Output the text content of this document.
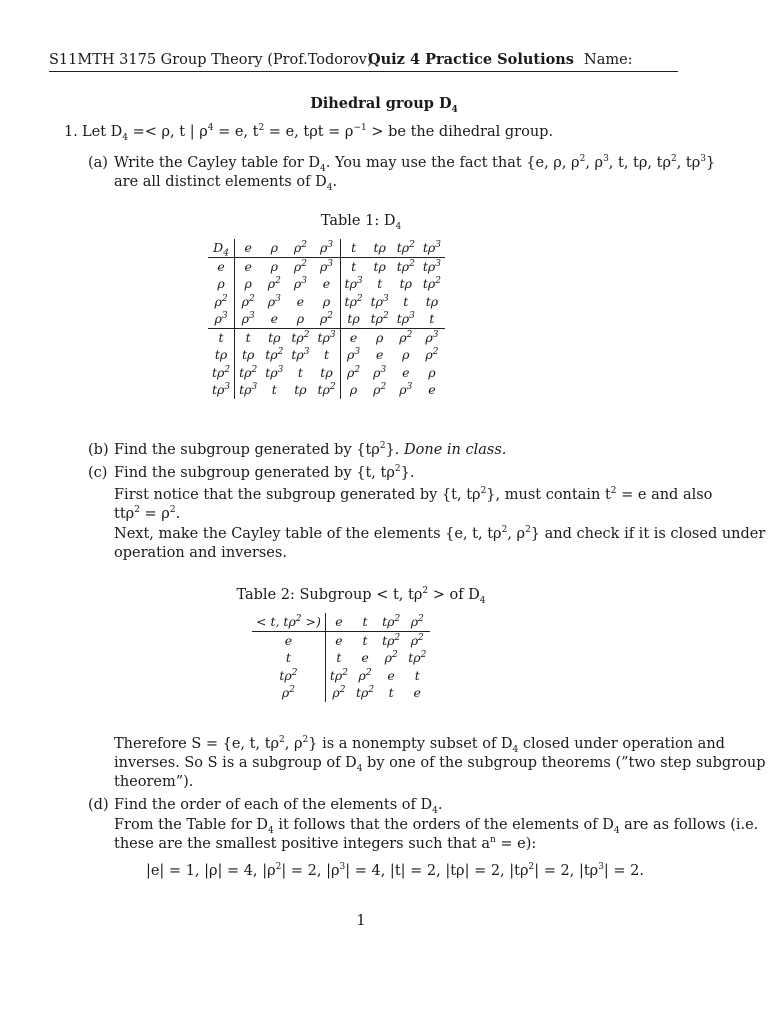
S11MTH 3175 Group Theory (Prof.Todorov)
Quiz 4 Practice Solutions Name:
Dihedral group $D_4$
1. Let $D_4 =< \rho$, t | $\rho^4 = e$, $t^2 = e$, $t\rho t = \rho^{-1}$ > be the dihedral group.
(a) Write the Cayley table for $D_4$. You may use the fact that {e, ρ, $\rho^2$, $\rho^3$, t, tρ, $t\rho^2$, $t\rho^3$}
are all distinct elements of $D_4$.
Table 1: $D_4$
$D_4$	e	ρ	$\rho^2$	$\rho^3$	t	tρ	$t\rho^2$	$t\rho^3$
e	e	ρ	$\rho^2$	$\rho^3$	t	tρ	$t\rho^2$	$t\rho^3$
ρ	ρ	$\rho^2$	$\rho^3$	e	$t\rho^3$	t	tρ	$t\rho^2$
$\rho^2$	$\rho^2$	$\rho^3$	e	ρ	$t\rho^2$	$t\rho^3$	t	tρ
$\rho^3$	$\rho^3$	e	ρ	$\rho^2$	tρ	$t\rho^2$	$t\rho^3$	t
t	t	tρ	$t\rho^2$	$t\rho^3$	e	ρ	$\rho^2$	$\rho^3$
tρ	tρ	$t\rho^2$	$t\rho^3$	t	$\rho^3$	e	ρ	$\rho^2$
$t\rho^2$	$t\rho^2$	$t\rho^3$	t	tρ	$\rho^2$	$\rho^3$	e	ρ
$t\rho^3$	$t\rho^3$	t	tρ	$t\rho^2$	ρ	$\rho^2$	$\rho^3$	e
(b) Find the subgroup generated by $\{t\rho^2\}$. Done in class.
(c) Find the subgroup generated by {t, $t\rho^2$}.
First notice that the subgroup generated by {t, $t\rho^2$}, must contain $t^2 = e$ and also
$tt\rho^2 = \rho^2$.
Next, make the Cayley table of the elements {e, t, $t\rho^2$, $\rho^2$} and check if it is closed under
operation and inverses.
Table 2: Subgroup < t, $t\rho^2$ > of $D_4$
< t, $t\rho^2$ >)	e	t	$t\rho^2$	$\rho^2$
e	e	t	$t\rho^2$	$\rho^2$
t	t	e	$\rho^2$	$t\rho^2$
$t\rho^2$	$t\rho^2$	$\rho^2$	e	t
$\rho^2$	$\rho^2$	$t\rho^2$	t	e
Therefore S = {e, t, $t\rho^2$, $\rho^2$} is a nonempty subset of $D_4$ closed under operation and
inverses. So S is a subgroup of $D_4$ by one of the subgroup theorems (”two step subgroup
theorem”).
(d) Find the order of each of the elements of $D_4$.
From the Table for $D_4$ it follows that the orders of the elements of $D_4$ are as follows (i.e.
these are the smallest positive integers such that $a^n = e$):
|e| = 1, |ρ| = 4, $|\rho^2| = 2$, $|\rho^3| = 4$, |t| = 2, |tρ| = 2, $|t\rho^2| = 2$, $|t\rho^3| = 2$.
1
